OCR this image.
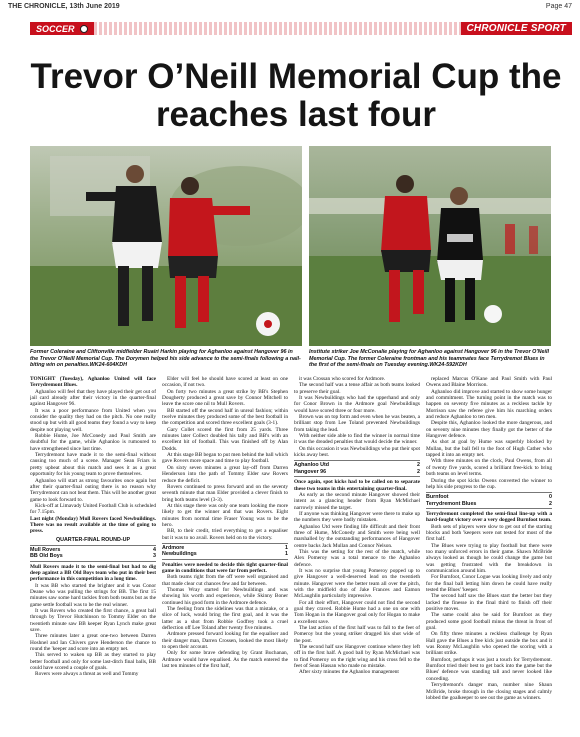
THE CHRONICLE, 13th June 2019	Page 47
SOCCER	CHRONICLE SPORT
Trevor O’Neill Memorial Cup the reaches last four
Former Coleraine and Cliftonville midfielder Ruairi Harkin playing for Aghanloo against Hangover 96 in the Trevor O'Neill Memorial Cup. The Dorymen helped his side advance to the semi-finals following a nail-biting win on penalties.WK24-604KDH
Institute striker Joe McConalie playing for Aghanloo against Hangover 96 in the Trevor O'Neill Memorial Cup. The former Coleraine frontman and his teammates face Terrydremot Blues in the first of the semi-finals on Tuesday evening.WK24-592KDH

TONIGHT (Tuesday), Aghanloo United will face Terrydremont Blues.

Aghanloo will feel that they have played their get out of jail card already after their victory in the quarter-final against Hangover 96.

It was a poor performance from United when you consider the quality they had on the pitch. No one really stood up but with all good teams they found a way to keep despite not playing well.

Robbie Hume, Joe McConedy and Paul Smith are doubtful for the game, while Aghanloo is rumoured to have strengthened since last time.

Terrydremont have made it to the semi-final without causing too much of a scene. Manager Sean Friars is pretty upbeat about this match and sees it as a great opportunity for his young team to prove themselves.

Aghanloo will start as strong favourites once again but after their quarter-final outing there is no reason why Terrydremont can not beat them. This will be another great game to look forward to.

Kick-off at Limavady United Football Club is scheduled for 7.15pm.

Last night (Monday) Mull Rovers faced Newbuildings. There was no result available at the time of going to press.

QUARTER-FINAL ROUND-UP

Mull Rovers	4
BB Old Boys	3

Mull Rovers made it to the semi-final but had to dig deep against a BB Old Boys team who put in their best performance in this competition in a long time.

It was BB who started the brighter and it was Conor Deane who was pulling the strings for BB. The first 15 minutes saw some hard tackles from both teams but as the game settle football was to be the real winner.

It was Rovers who created the first chance, a great ball through by Trevor Hutchinson to Tommy Elder on the twentieth minute saw BB keeper Ryan Lynch make great save.

Three minutes later a great one-two between Darren Hoshnel and Ian Chivers gave Henderson the chance to round the 'keeper and score into an empty net.

This served to waken up BB as they started to play better football and only for some last-ditch final balls, BB could have scored a couple of goals.

Rovers were always a threat as well and Tommy

Elder will feel he should have scored at least on one occasion, if not two.

On forty two minutes a great strike by BB's Stephen Dougherty produced a great save by Connor Mitchell to leave the score one nil to Mull Rovers.

BB started off the second half in unreal fashion; within twelve minutes they produced some of the best football in the competition and scored three excellent goals (3-1).

Gary Collet scored the first from 25 yards. Three minutes later Collect doubled his tally and BB's with an excellent hit of football. This was finished off by Alan Dodds.

At this stage BB began to put men behind the ball which gave Rovers more space and time to play football.

On sixty seven minutes a great lay-off from Darren Henderson into the path of Tommy Elder saw Rovers reduce the deficit.

Rovers continued to press forward and on the seventy seventh minute that man Elder provided a clever finish to bring both teams level (3-3).

At this stage there was only one team looking the more likely to get the winner and that was Rovers. Eight minutes from normal time Fraser Young was to be the hero.

BB, to their credit, tried everything to get a equaliser but it was to no avail. Rovers held on to the victory.

Ardmore	1
Newbuildings	1

Penalties were needed to decide this tight quarter-final game in conditions that were far from perfect.

Both teams right from the off were well organised and that made clear cut chances few and far between.

Thomas Wray started for Newbuildings and was showing his worth and experience, while Skinny Boner continued his good form in the Ardmore defence.

The feeling from the sidelines was that a mistake, or a slice of luck, would bring the first goal, and it was the latter as a shot from Robbie Godfrey took a cruel deflection off Lee Toland after twenty five minutes.

Ardmore pressed forward looking for the equaliser and their danger man, Darren Crossen, looked the most likely to open their account.

Only for some brave defending by Grant Buchanan, Ardmore would have equalised. As the match entered the last ten minutes of the first half,

it was Crossan who scored for Ardmore.

The second half was a tense affair as both teams looked to preserve their goal.

It was Newbuildings who had the upperhand and only for Conor Brown in the Ardmore goal Newbuildings would have scored three or four more.

Brown was on top form and even when he was beaten, a brilliant stop from Lee Toland prevented Newbuildings from taking the lead.

With neither side able to find the winner in normal time it was the dreaded penalties that would decide the winner.

On this occasion it was Newbuildings who put their spot kicks away best.

Aghanloo Utd	2
Hangover 96	2

Once again, spot kicks had to be called on to separate these two teams in this entertaining quarter-final.

As early as the second minute Hangover showed their intent as a glancing header from Ryan McMichael narrowly missed the target.

If anyone was thinking Hangover were there to make up the numbers they were badly mistaken.

Aghanloo Utd were finding life difficult and their front three of Hume, McConedy and Smith were being well marshalled by the outstanding performances of Hangover centre backs Jack Mullan and Connor Nelson.

This was the setting for the rest of the match, while Alex Pomeroy was a total menace to the Aghanloo defence.

It was no surprise that young Pomeroy popped up to give Hangover a well-deserved lead on the twentieth minute. Hangover were the better team all over the pitch, with the midfield duo of Jake Frances and Eamon McLaughlin particularly impressive.

For all their effort, Hangover could not find the second goal they craved. Robbie Hume had a one on one with Tom Hogan in the Hangover goal only for Hogan to make a excellent save.

The last action of the first half was to fall to the feet of Pomeroy but the young striker dragged his shot wide of the post.

The second half saw Hangover continue where they left off in the first half. A good ball by Ryan McMichael was to find Pomeroy on the right wing and his cross fell to the feet of Sean Hassan who made no mistake.

After sixty minutes the Aghanloo management

replaced Marcus O'Kane and Paul Smith with Paul Owens and Blaine Morrison.

Aghanloo did improve and started to show some hunger and commitment. The turning point in the match was to happen on seventy five minutes as a reckless tackle by Morrison saw the referee give him his marching orders and reduce Aghanloo to ten men.

Despite this, Aghanloo looked the more dangerous, and on seventy nine minutes they finally got the better of the Hangover defence.

As shot at goal by Hume was superbly blocked by Mullan, but the ball fell to the foot of Hugh Cather who tapped it into an empty net.

With three minutes on the clock, Paul Owens, from all of twenty five yards, scored a brilliant free-kick to bring both teams on level terms.

During the spot kicks Owens converted the winner to help his side progress to the cup.

Burnfoot	0
Terrydremont Blues	2

Terrydremont completed the semi-final line-up with a hard-fought victory over a very dogged Burnfoot team.

Both sets of players were slow to get out of the starting blocks and both 'keepers were not tested for most of the first half.

The Blues were trying to play football but there were too many unforced errors in their game. Shawn McBride always looked as though he could change the game but was getting frustrated with the breakdown in communication around him.

For Burnfoot, Conor Logue was looking lively and only for the final ball letting him down he could have really tested the Blues' 'keeper.

The second half saw the Blues start the better but they lacked the finesse in the final third to finish off their positive moves.

The same could also be said for Burnfoot as they produced some good football minus the threat in front of goal.

On fifty three minutes a reckless challenge by Ryan Hall gave the Blues a free kick just outside the box and it was Ronny McLaughlin who opened the scoring with a brilliant strike.

Burnfoot, perhaps it was just a touch for Terrydremont. Burnfoot tried their best to get back into the game but the Blues' defence was standing tall and never looked like conceding.

Terrydremont's danger man, number nine Shaun McBride, broke through in the closing stages and calmly lobbed the goalkeeper to see out the game as winners.
